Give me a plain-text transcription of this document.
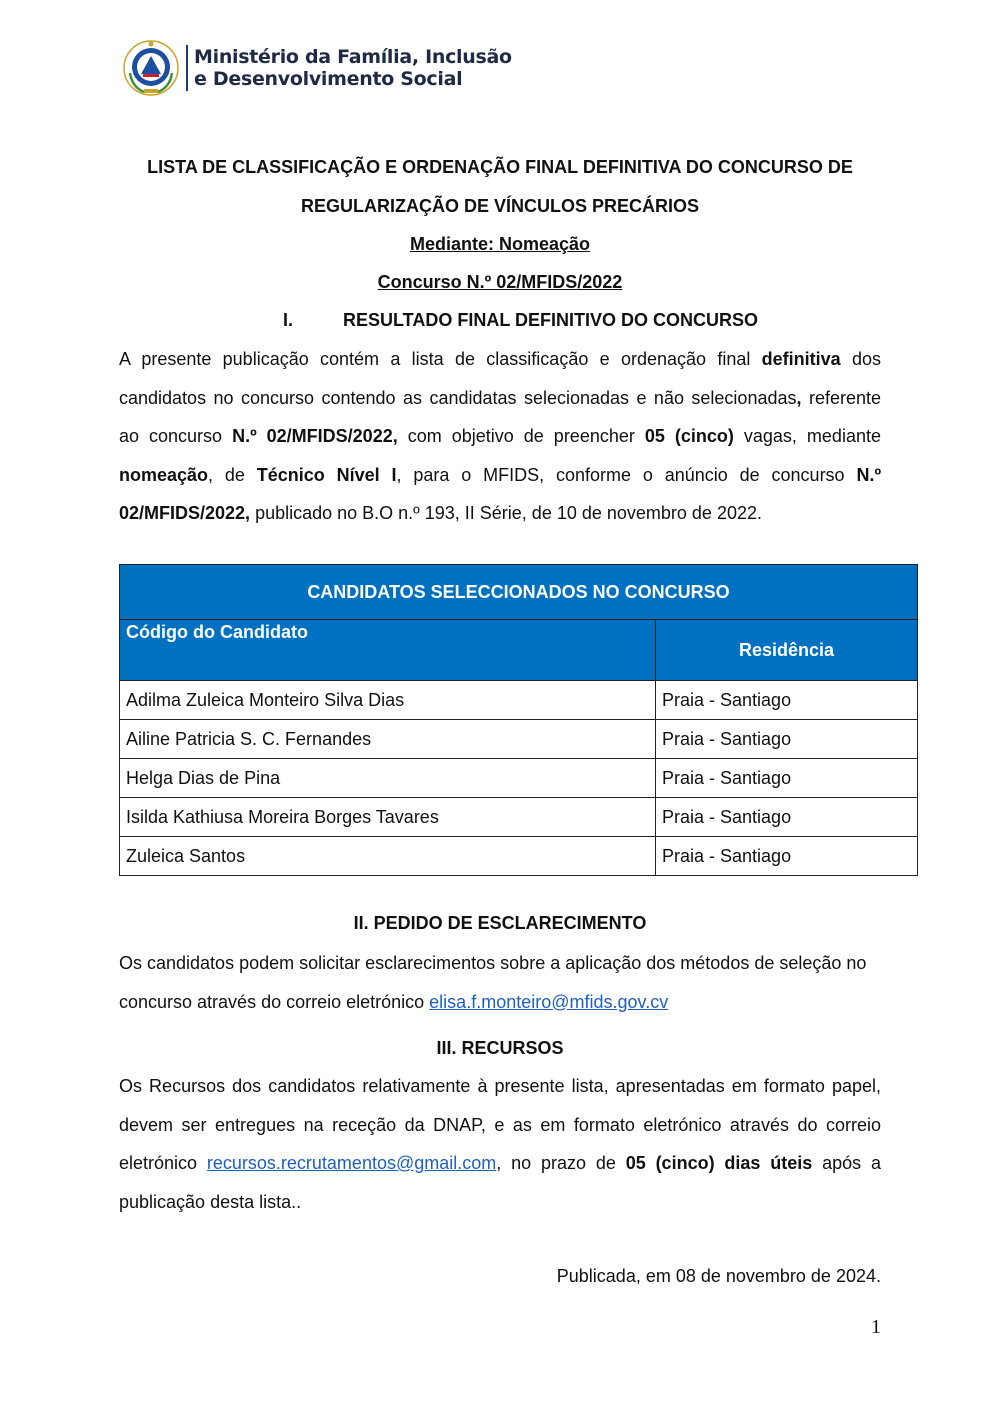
Ministério da Família, Inclusão
e Desenvolvimento Social
LISTA DE CLASSIFICAÇÃO E ORDENAÇÃO FINAL DEFINITIVA DO CONCURSO DE
REGULARIZAÇÃO DE VÍNCULOS PRECÁRIOS
Mediante: Nomeação
Concurso N.º 02/MFIDS/2022
I.	RESULTADO FINAL DEFINITIVO DO CONCURSO
A presente publicação contém a lista de classificação e ordenação final definitiva dos candidatos no concurso contendo as candidatas selecionadas e não selecionadas, referente ao concurso N.º 02/MFIDS/2022, com objetivo de preencher 05 (cinco) vagas, mediante nomeação, de Técnico Nível I, para o MFIDS, conforme o anúncio de concurso N.º 02/MFIDS/2022, publicado no B.O n.º 193, II Série, de 10 de novembro de 2022.
CANDIDATOS SELECCIONADOS NO CONCURSO	
Código do Candidato	Residência
Adilma Zuleica Monteiro Silva Dias	Praia - Santiago
Ailine Patricia S. C. Fernandes	Praia - Santiago
Helga Dias de Pina	Praia - Santiago
Isilda Kathiusa Moreira Borges Tavares	Praia - Santiago
Zuleica Santos	Praia - Santiago
II. PEDIDO DE ESCLARECIMENTO
Os candidatos podem solicitar esclarecimentos sobre a aplicação dos métodos de seleção no concurso através do correio eletrónico elisa.f.monteiro@mfids.gov.cv
III. RECURSOS
Os Recursos dos candidatos relativamente à presente lista, apresentadas em formato papel, devem ser entregues na receção da DNAP, e as em formato eletrónico através do correio eletrónico recursos.recrutamentos@gmail.com, no prazo de 05 (cinco) dias úteis após a publicação desta lista..
Publicada, em 08 de novembro de 2024.
1
